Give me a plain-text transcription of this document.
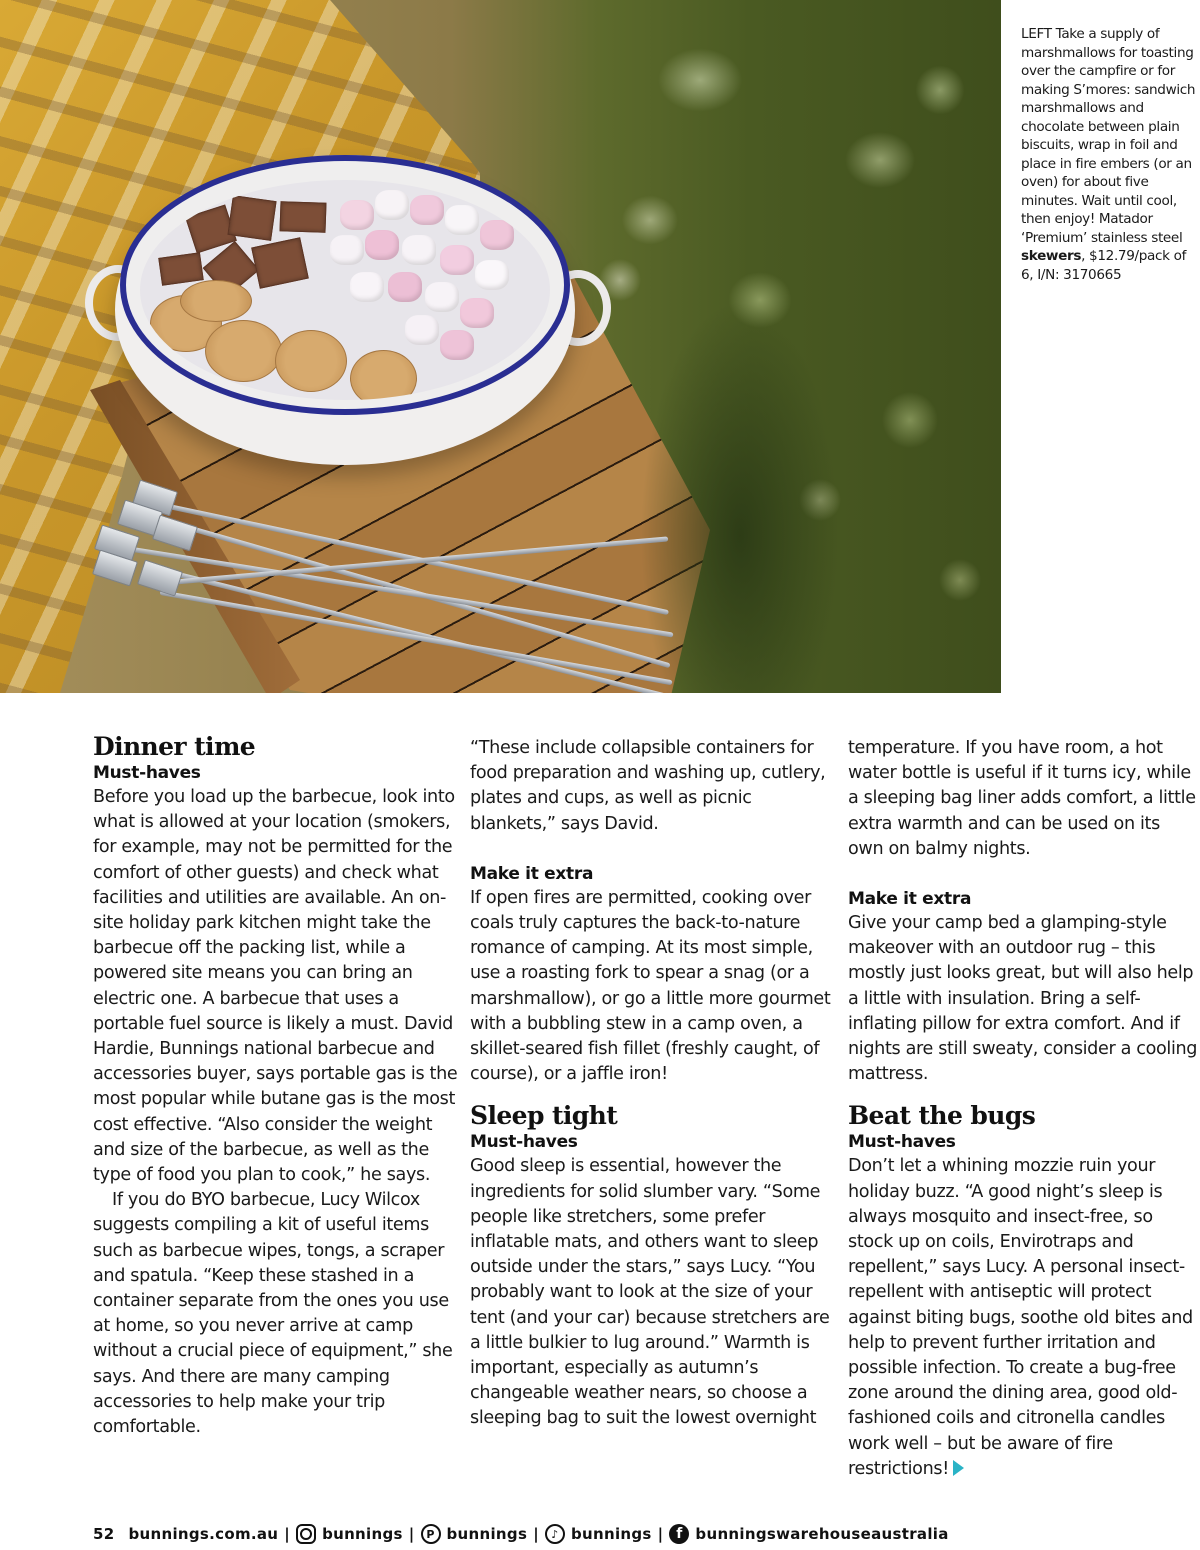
LEFT Take a supply of marshmallows for toasting over the campfire or for making S’mores: sandwich marshmallows and chocolate between plain biscuits, wrap in foil and place in fire embers (or an oven) for about five minutes. Wait until cool, then enjoy! Matador ‘Premium’ stainless steel skewers, $12.79/pack of 6, I/N: 3170665
Dinner time
Must-haves

Before you load up the barbecue, look into what is allowed at your location (smokers, for example, may not be permitted for the comfort of other guests) and check what facilities and utilities are available. An on-site holiday park kitchen might take the barbecue off the packing list, while a powered site means you can bring an electric one. A barbecue that uses a portable fuel source is likely a must. David Hardie, Bunnings national barbecue and accessories buyer, says portable gas is the most popular while butane gas is the most cost effective. “Also consider the weight and size of the barbecue, as well as the type of food you plan to cook,” he says.

If you do BYO barbecue, Lucy Wilcox suggests compiling a kit of useful items such as barbecue wipes, tongs, a scraper and spatula. “Keep these stashed in a container separate from the ones you use at home, so you never arrive at camp without a crucial piece of equipment,” she says. And there are many camping accessories to help make your trip comfortable.

“These include collapsible containers for food preparation and washing up, cutlery, plates and cups, as well as picnic blankets,” says David.

Make it extra

If open fires are permitted, cooking over coals truly captures the back-to-nature romance of camping. At its most simple, use a roasting fork to spear a snag (or a marshmallow), or go a little more gourmet with a bubbling stew in a camp oven, a skillet-seared fish fillet (freshly caught, of course), or a jaffle iron!

Sleep tight
Must-haves

Good sleep is essential, however the ingredients for solid slumber vary. “Some people like stretchers, some prefer inflatable mats, and others want to sleep outside under the stars,” says Lucy. “You probably want to look at the size of your tent (and your car) because stretchers are a little bulkier to lug around.” Warmth is important, especially as autumn’s changeable weather nears, so choose a sleeping bag to suit the lowest overnight

temperature. If you have room, a hot water bottle is useful if it turns icy, while a sleeping bag liner adds comfort, a little extra warmth and can be used on its own on balmy nights.

Make it extra

Give your camp bed a glamping-style makeover with an outdoor rug – this mostly just looks great, but will also help a little with insulation. Bring a self-inflating pillow for extra comfort. And if nights are still sweaty, consider a cooling mattress.

Beat the bugs
Must-haves

Don’t let a whining mozzie ruin your holiday buzz. “A good night’s sleep is always mosquito and insect-free, so stock up on coils, Envirotraps and repellent,” says Lucy. A personal insect-repellent with antiseptic will protect against biting bugs, soothe old bites and help to prevent further irritation and possible infection. To create a bug-free zone around the dining area, good old-fashioned coils and citronella candles work well – but be aware of fire restrictions!

52 bunnings.com.au | bunnings |	P bunnings |	♪ bunnings | f bunningswarehouseaustralia
